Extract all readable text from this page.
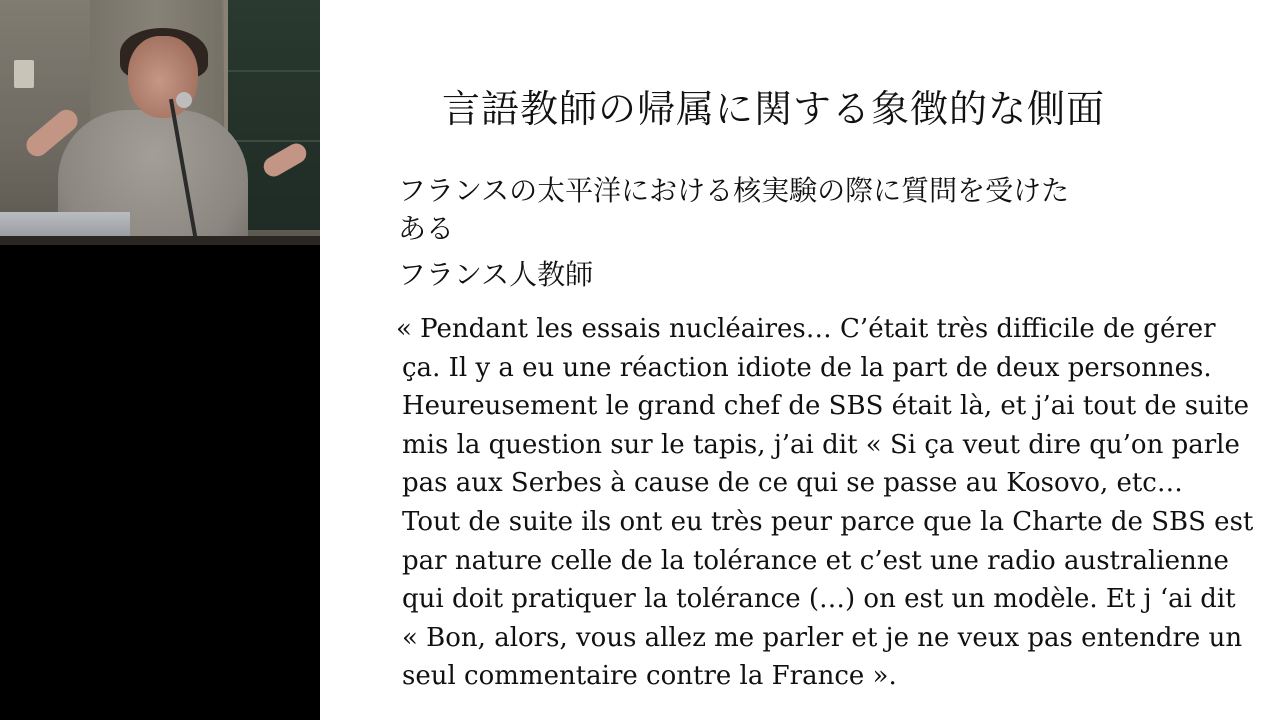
言語教師の帰属に関する象徴的な側面
フランスの太平洋における核実験の際に質問を受けた
ある
フランス人教師
« Pendant les essais nucléaires… C’était très difficile de gérer
ça. Il y a eu une réaction idiote de la part de deux personnes.
Heureusement le grand chef de SBS était là, et j’ai tout de suite
mis la question sur le tapis, j’ai dit « Si ça veut dire qu’on parle
pas aux Serbes à cause de ce qui se passe au Kosovo, etc…
Tout de suite ils ont eu très peur parce que la Charte de SBS est
par nature celle de la tolérance et c’est une radio australienne
qui doit pratiquer la tolérance (…) on est un modèle. Et j ‘ai dit
« Bon, alors, vous allez me parler et je ne veux pas entendre un
seul commentaire contre la France ».
